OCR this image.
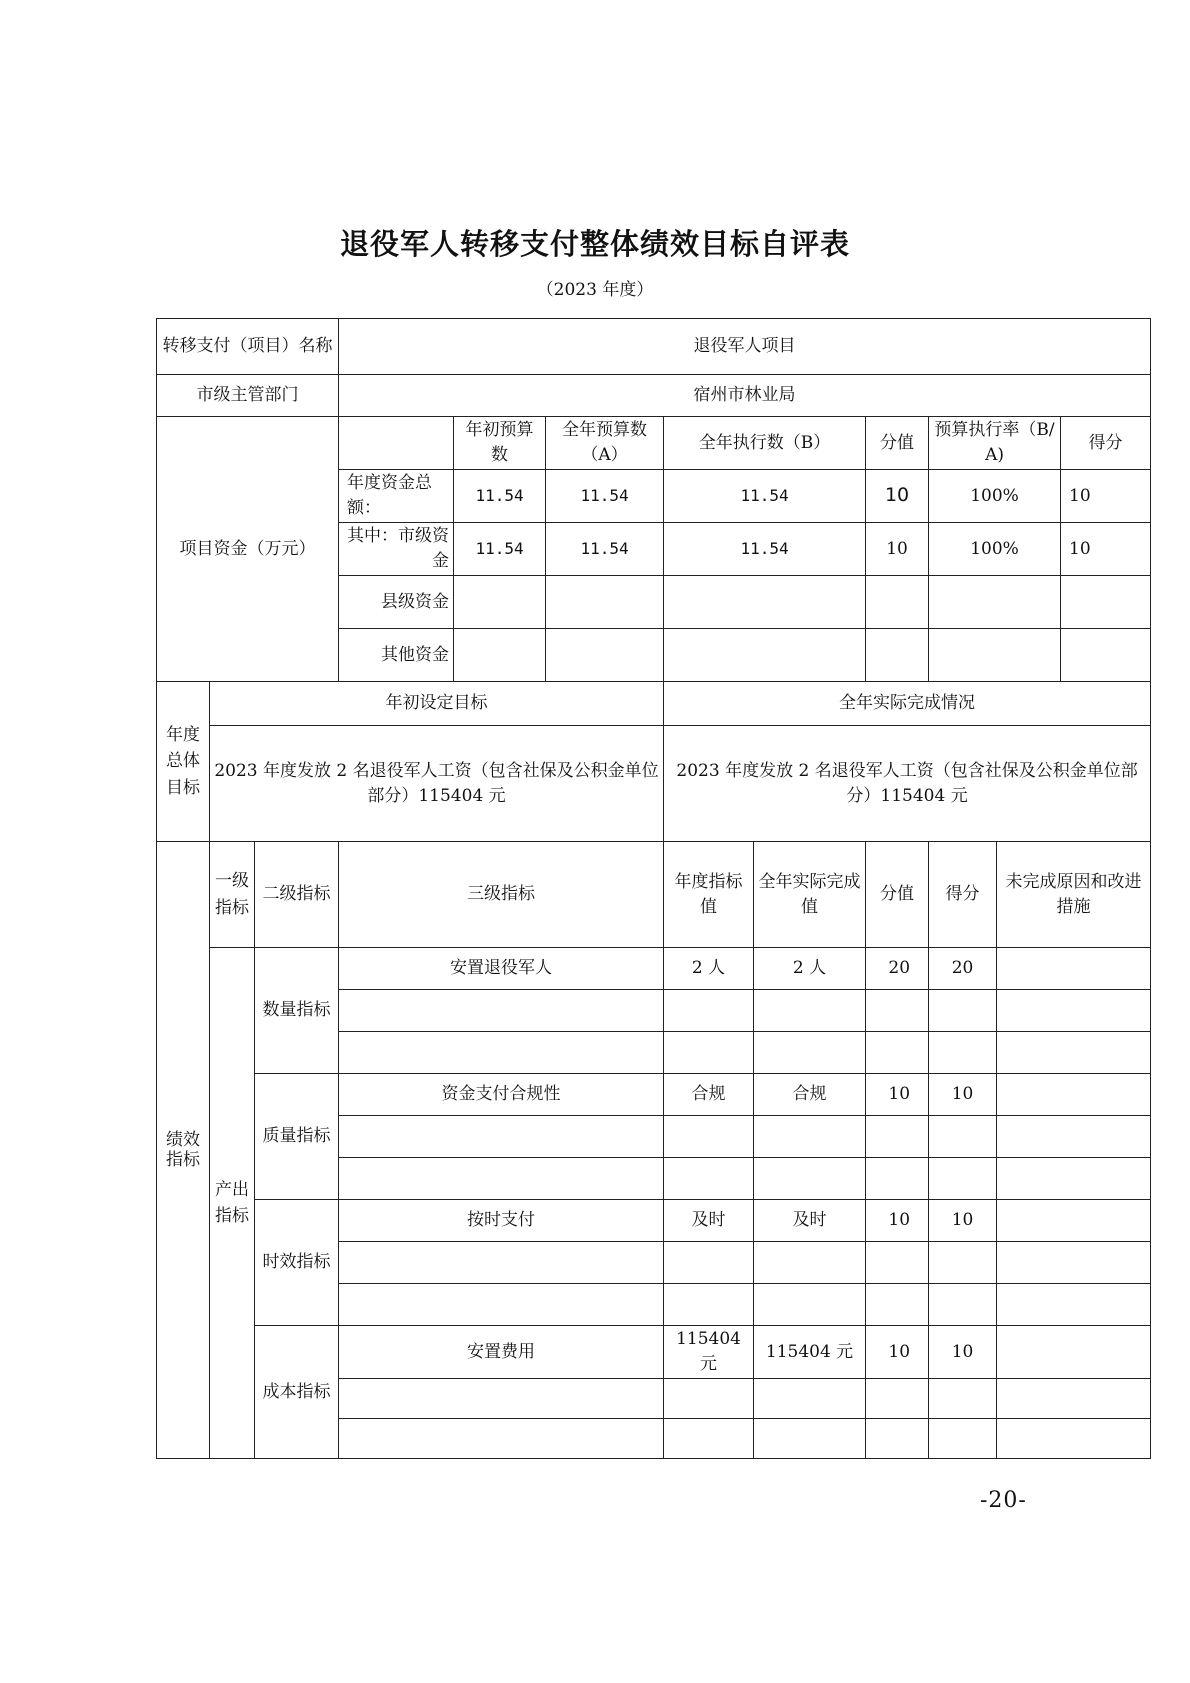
退役军人转移支付整体绩效目标自评表
（2023 年度）
转移支付（项目）名称			退役军人项目								
市级主管部门			宿州市林业局								
项目资金（万元）				年初预算数	全年预算数（A）	全年执行数（B）		分值	预算执行率（B/A)		得分
			年度资金总额：	11.54	11.54	11.54		10	100%		10
			其中：市级资金	11.54	11.54	11.54		10	100%		10
			县级资金								
			其他资金								
年度总体目标	年初设定目标					全年实际完成情况					
	2023 年度发放 2 名退役军人工资（包含社保及公积金单位部分）115404 元					2023 年度发放 2 名退役军人工资（包含社保及公积金单位部分）115404 元					
绩效指标	一级指标	二级指标	三级指标			年度指标值	全年实际完成值	分值	得分	未完成原因和改进措施	
	产出指标	数量指标	安置退役军人			2 人	2 人	20	20		

		质量指标	资金支付合规性			合规	合规	10	10		

		时效指标	按时支付			及时	及时	10	10		

		成本指标	安置费用			115404 元	115404 元	10	10		

-20-
